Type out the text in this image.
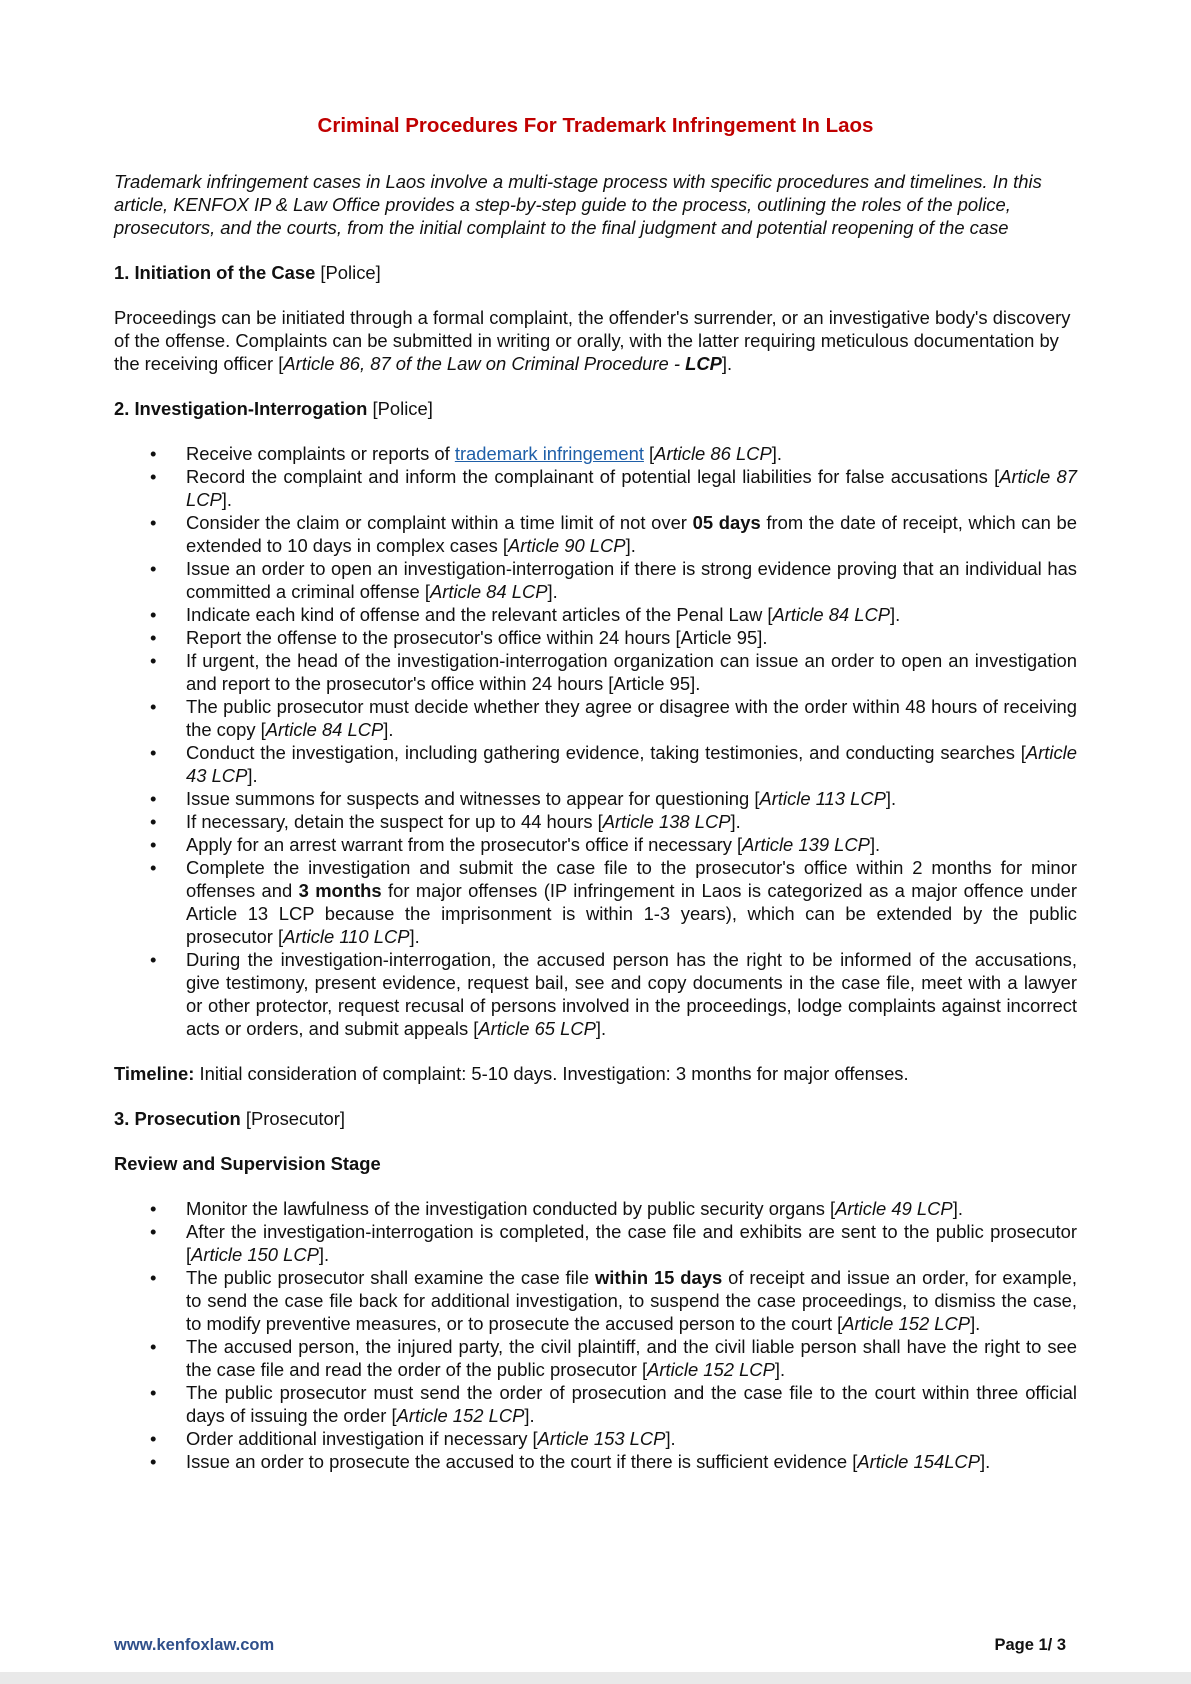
Criminal Procedures For Trademark Infringement In Laos

Trademark infringement cases in Laos involve a multi-stage process with specific procedures and timelines. In this article, KENFOX IP & Law Office provides a step-by-step guide to the process, outlining the roles of the police, prosecutors, and the courts, from the initial complaint to the final judgment and potential reopening of the case

1. Initiation of the Case [Police]

Proceedings can be initiated through a formal complaint, the offender's surrender, or an investigative body's discovery of the offense. Complaints can be submitted in writing or orally, with the latter requiring meticulous documentation by the receiving officer [Article 86, 87 of the Law on Criminal Procedure - LCP].

2. Investigation-Interrogation [Police]

• Receive complaints or reports of trademark infringement [Article 86 LCP].
• Record the complaint and inform the complainant of potential legal liabilities for false accusations [Article 87 LCP].
• Consider the claim or complaint within a time limit of not over 05 days from the date of receipt, which can be extended to 10 days in complex cases [Article 90 LCP].
• Issue an order to open an investigation-interrogation if there is strong evidence proving that an individual has committed a criminal offense [Article 84 LCP].
• Indicate each kind of offense and the relevant articles of the Penal Law [Article 84 LCP].
• Report the offense to the prosecutor's office within 24 hours [Article 95].
• If urgent, the head of the investigation-interrogation organization can issue an order to open an investigation and report to the prosecutor's office within 24 hours [Article 95].
• The public prosecutor must decide whether they agree or disagree with the order within 48 hours of receiving the copy [Article 84 LCP].
• Conduct the investigation, including gathering evidence, taking testimonies, and conducting searches [Article 43 LCP].
• Issue summons for suspects and witnesses to appear for questioning [Article 113 LCP].
• If necessary, detain the suspect for up to 44 hours [Article 138 LCP].
• Apply for an arrest warrant from the prosecutor's office if necessary [Article 139 LCP].
• Complete the investigation and submit the case file to the prosecutor's office within 2 months for minor offenses and 3 months for major offenses (IP infringement in Laos is categorized as a major offence under Article 13 LCP because the imprisonment is within 1-3 years), which can be extended by the public prosecutor [Article 110 LCP].
• During the investigation-interrogation, the accused person has the right to be informed of the accusations, give testimony, present evidence, request bail, see and copy documents in the case file, meet with a lawyer or other protector, request recusal of persons involved in the proceedings, lodge complaints against incorrect acts or orders, and submit appeals [Article 65 LCP].

Timeline: Initial consideration of complaint: 5-10 days. Investigation: 3 months for major offenses.

3. Prosecution [Prosecutor]

Review and Supervision Stage

• Monitor the lawfulness of the investigation conducted by public security organs [Article 49 LCP].
• After the investigation-interrogation is completed, the case file and exhibits are sent to the public prosecutor [Article 150 LCP].
• The public prosecutor shall examine the case file within 15 days of receipt and issue an order, for example, to send the case file back for additional investigation, to suspend the case proceedings, to dismiss the case, to modify preventive measures, or to prosecute the accused person to the court [Article 152 LCP].
• The accused person, the injured party, the civil plaintiff, and the civil liable person shall have the right to see the case file and read the order of the public prosecutor [Article 152 LCP].
• The public prosecutor must send the order of prosecution and the case file to the court within three official days of issuing the order [Article 152 LCP].
• Order additional investigation if necessary [Article 153 LCP].
• Issue an order to prosecute the accused to the court if there is sufficient evidence [Article 154LCP].
www.kenfoxlaw.com	Page 1/ 3
